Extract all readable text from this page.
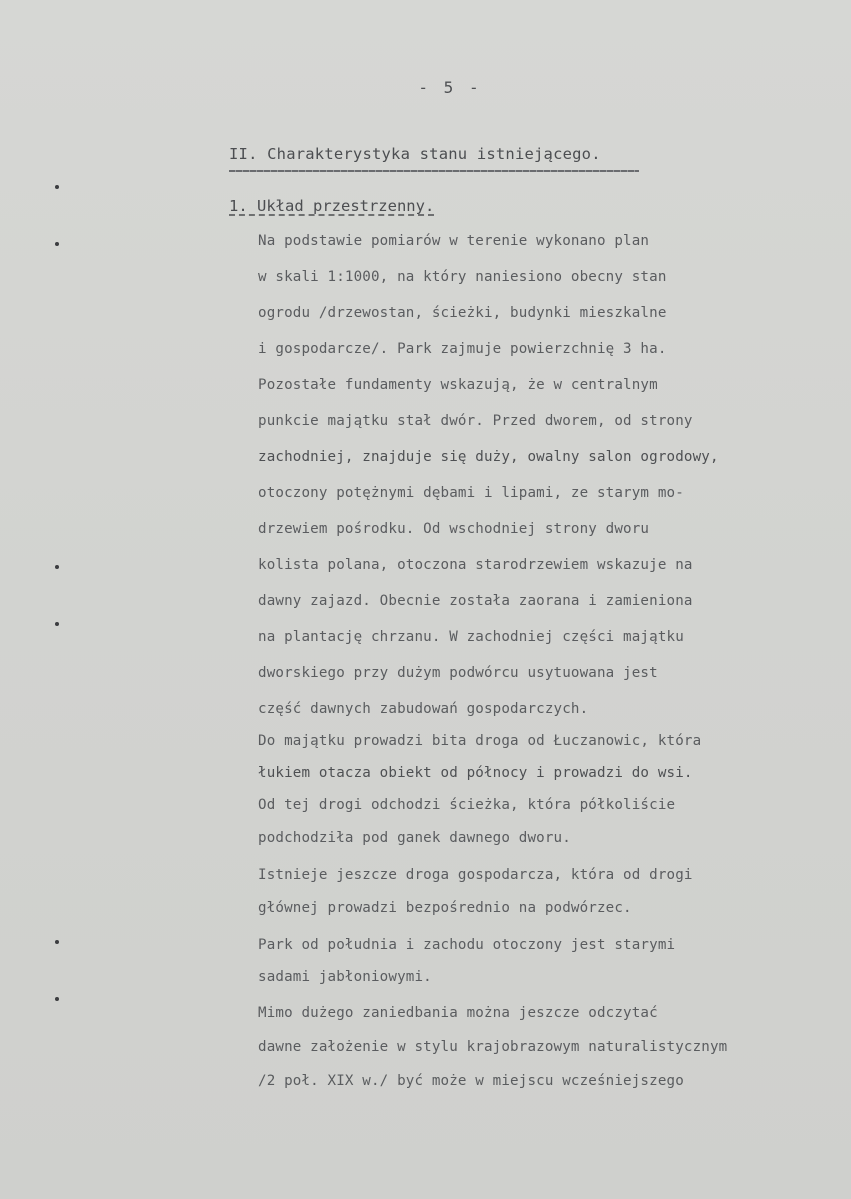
- 5 -
II. Charakterystyka stanu istniejącego.
1. Układ przestrzenny.
Na podstawie pomiarów w terenie wykonano plan
w skali 1:1000, na który naniesiono obecny stan
ogrodu /drzewostan, ścieżki, budynki mieszkalne
i gospodarcze/. Park zajmuje powierzchnię 3 ha.
Pozostałe fundamenty wskazują, że w centralnym
punkcie majątku stał dwór. Przed dworem, od strony
zachodniej, znajduje się duży, owalny salon ogrodowy,
otoczony potężnymi dębami i lipami, ze starym mo-
drzewiem pośrodku. Od wschodniej strony dworu
kolista polana, otoczona starodrzewiem wskazuje na
dawny zajazd. Obecnie została zaorana i zamieniona
na plantację chrzanu. W zachodniej części majątku
dworskiego przy dużym podwórcu usytuowana jest
część dawnych zabudowań gospodarczych.
Do majątku prowadzi bita droga od Łuczanowic, która
łukiem otacza obiekt od północy i prowadzi do wsi.
Od tej drogi odchodzi ścieżka, która półkoliście
podchodziła pod ganek dawnego dworu.
Istnieje jeszcze droga gospodarcza, która od drogi
głównej prowadzi bezpośrednio na podwórzec.
Park od południa i zachodu otoczony jest starymi
sadami jabłoniowymi.
Mimo dużego zaniedbania można jeszcze odczytać
dawne założenie w stylu krajobrazowym naturalistycznym
/2 poł. XIX w./ być może w miejscu wcześniejszego
